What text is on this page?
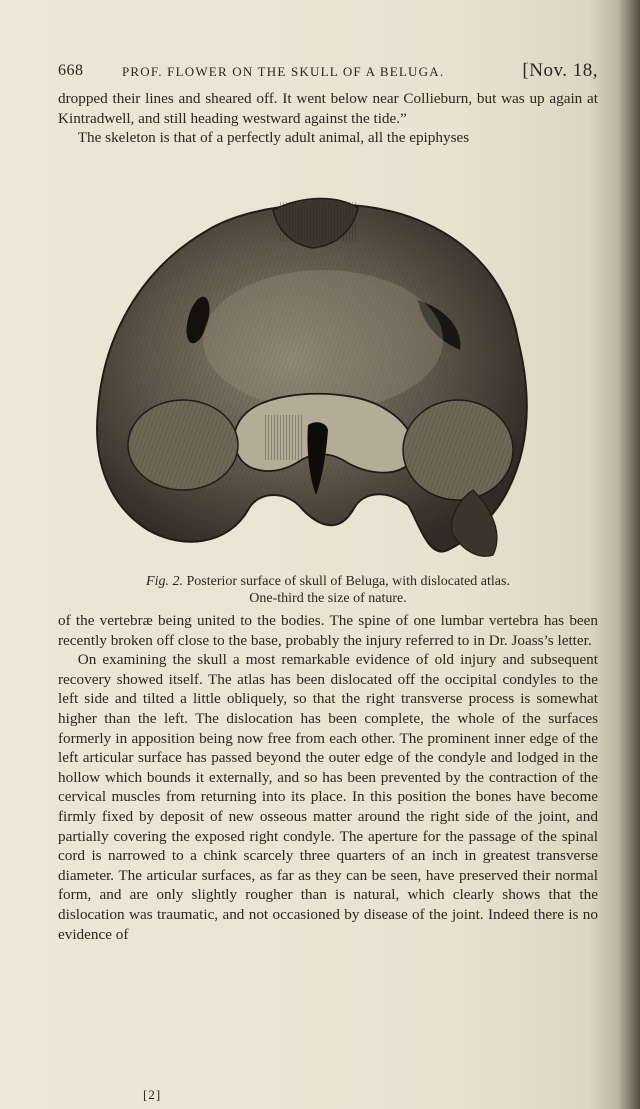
668	PROF. FLOWER ON THE SKULL OF A BELUGA.	[Nov. 18,

dropped their lines and sheared off. It went below near Collieburn, but was up again at Kintradwell, and still heading westward against the tide.”

The skeleton is that of a perfectly adult animal, all the epiphyses

Fig. 2. Posterior surface of skull of Beluga, with dislocated atlas.
One-third the size of nature.

of the vertebræ being united to the bodies. The spine of one lumbar vertebra has been recently broken off close to the base, probably the injury referred to in Dr. Joass’s letter.

On examining the skull a most remarkable evidence of old injury and subsequent recovery showed itself. The atlas has been dislocated off the occipital condyles to the left side and tilted a little obliquely, so that the right transverse process is somewhat higher than the left. The dislocation has been complete, the whole of the surfaces formerly in apposition being now free from each other. The prominent inner edge of the left articular surface has passed beyond the outer edge of the condyle and lodged in the hollow which bounds it externally, and so has been prevented by the contraction of the cervical muscles from returning into its place. In this position the bones have become firmly fixed by deposit of new osseous matter around the right side of the joint, and partially covering the exposed right condyle. The aperture for the passage of the spinal cord is narrowed to a chink scarcely three quarters of an inch in greatest transverse diameter. The articular surfaces, as far as they can be seen, have preserved their normal form, and are only slightly rougher than is natural, which clearly shows that the dislocation was traumatic, and not occasioned by disease of the joint. Indeed there is no evidence of

[2]
